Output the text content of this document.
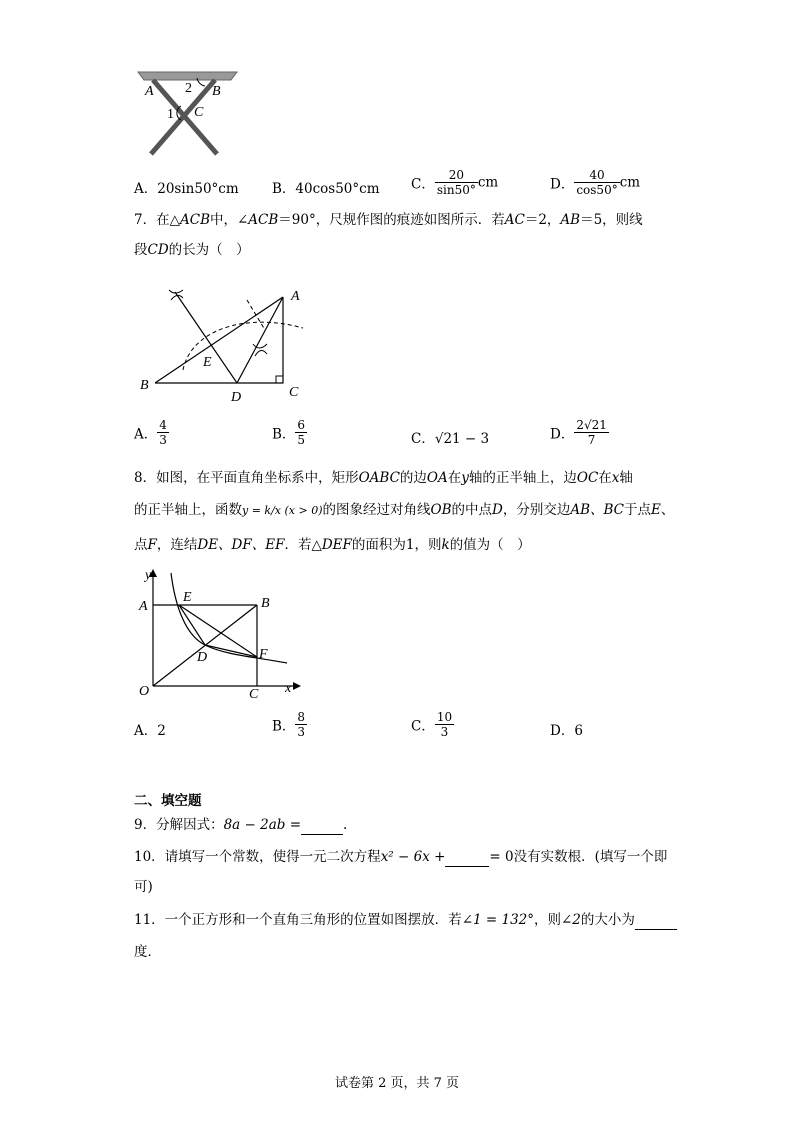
A 2 B
1 C
A．20sin50°cm B．40cos50°cm C． $\frac{20}{\sin 50^\circ}$ cm	D． $\frac{40}{\cos 50^\circ}$ cm
7．在△ACB中，∠ACB＝90°，尺规作图的痕迹如图所示．若AC＝2，AB＝5，则线
段CD的长为（　）
A
B	C
D
E
A． $\frac{4}{3}$	B． $\frac{6}{5}$	C．√21 − 3	D． $\frac{2√21}{7}$
8．如图，在平面直角坐标系中，矩形OABC的边OA在y轴的正半轴上，边OC在x轴
的正半轴上，函数y = k/x (x > 0)的图象经过对角线OB的中点D，分别交边AB、BC于点E、
点F，连结DE、DF、EF．若△DEF的面积为1，则k的值为（　）
y
x
A
E	B
D	F
O	C
A．2	B． $\frac{8}{3}$	C． $\frac{10}{3}$	D．6
二、填空题
9．分解因式：8a − 2ab =	.
10．请填写一个常数，使得一元二次方程x² − 6x +	= 0没有实数根．(填写一个即
可)
11．一个正方形和一个直角三角形的位置如图摆放．若∠1 = 132°，则∠2的大小为
度．
试卷第 2 页，共 7 页
